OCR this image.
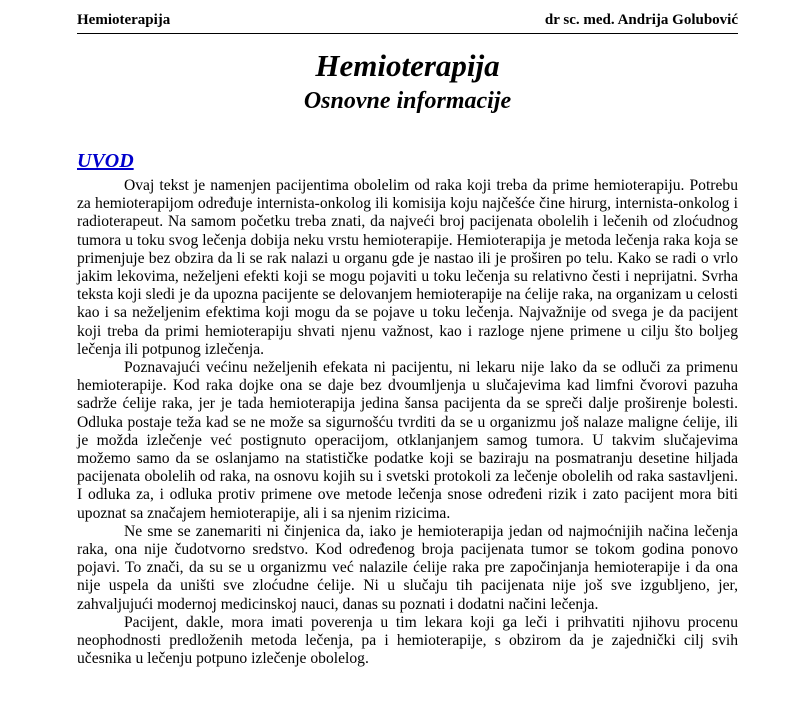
Hemioterapija	dr sc. med. Andrija Golubović
Hemioterapija
Osnovne informacije
UVOD

Ovaj tekst je namenjen pacijentima obolelim od raka koji treba da prime hemioterapiju. Potrebu za hemioterapijom određuje internista-onkolog ili komisija koju najčešće čine hirurg, internista-onkolog i radioterapeut. Na samom početku treba znati, da najveći broj pacijenata obolelih i lečenih od zloćudnog tumora u toku svog lečenja dobija neku vrstu hemioterapije. Hemioterapija je metoda lečenja raka koja se primenjuje bez obzira da li se rak nalazi u organu gde je nastao ili je proširen po telu. Kako se radi o vrlo jakim lekovima, neželjeni efekti koji se mogu pojaviti u toku lečenja su relativno česti i neprijatni. Svrha teksta koji sledi je da upozna pacijente se delovanjem hemioterapije na ćelije raka, na organizam u celosti kao i sa neželjenim efektima koji mogu da se pojave u toku lečenja. Najvažnije od svega je da pacijent koji treba da primi hemioterapiju shvati njenu važnost, kao i razloge njene primene u cilju što boljeg lečenja ili potpunog izlečenja.

Poznavajući većinu neželjenih efekata ni pacijentu, ni lekaru nije lako da se odluči za primenu hemioterapije. Kod raka dojke ona se daje bez dvoumljenja u slučajevima kad limfni čvorovi pazuha sadrže ćelije raka, jer je tada hemioterapija jedina šansa pacijenta da se spreči dalje proširenje bolesti. Odluka postaje teža kad se ne može sa sigurnošću tvrditi da se u organizmu još nalaze maligne ćelije, ili je možda izlečenje već postignuto operacijom, otklanjanjem samog tumora. U takvim slučajevima možemo samo da se oslanjamo na statističke podatke koji se baziraju na posmatranju desetine hiljada pacijenata obolelih od raka, na osnovu kojih su i svetski protokoli za lečenje obolelih od raka sastavljeni. I odluka za, i odluka protiv primene ove metode lečenja snose određeni rizik i zato pacijent mora biti upoznat sa značajem hemioterapije, ali i sa njenim rizicima.

Ne sme se zanemariti ni činjenica da, iako je hemioterapija jedan od najmoćnijih načina lečenja raka, ona nije čudotvorno sredstvo. Kod određenog broja pacijenata tumor se tokom godina ponovo pojavi. To znači, da su se u organizmu već nalazile ćelije raka pre započinjanja hemioterapije i da ona nije uspela da uništi sve zloćudne ćelije. Ni u slučaju tih pacijenata nije još sve izgubljeno, jer, zahvaljujući modernoj medicinskoj nauci, danas su poznati i dodatni načini lečenja.

Pacijent, dakle, mora imati poverenja u tim lekara koji ga leči i prihvatiti njihovu procenu neophodnosti predloženih metoda lečenja, pa i hemioterapije, s obzirom da je zajednički cilj svih učesnika u lečenju potpuno izlečenje obolelog.
